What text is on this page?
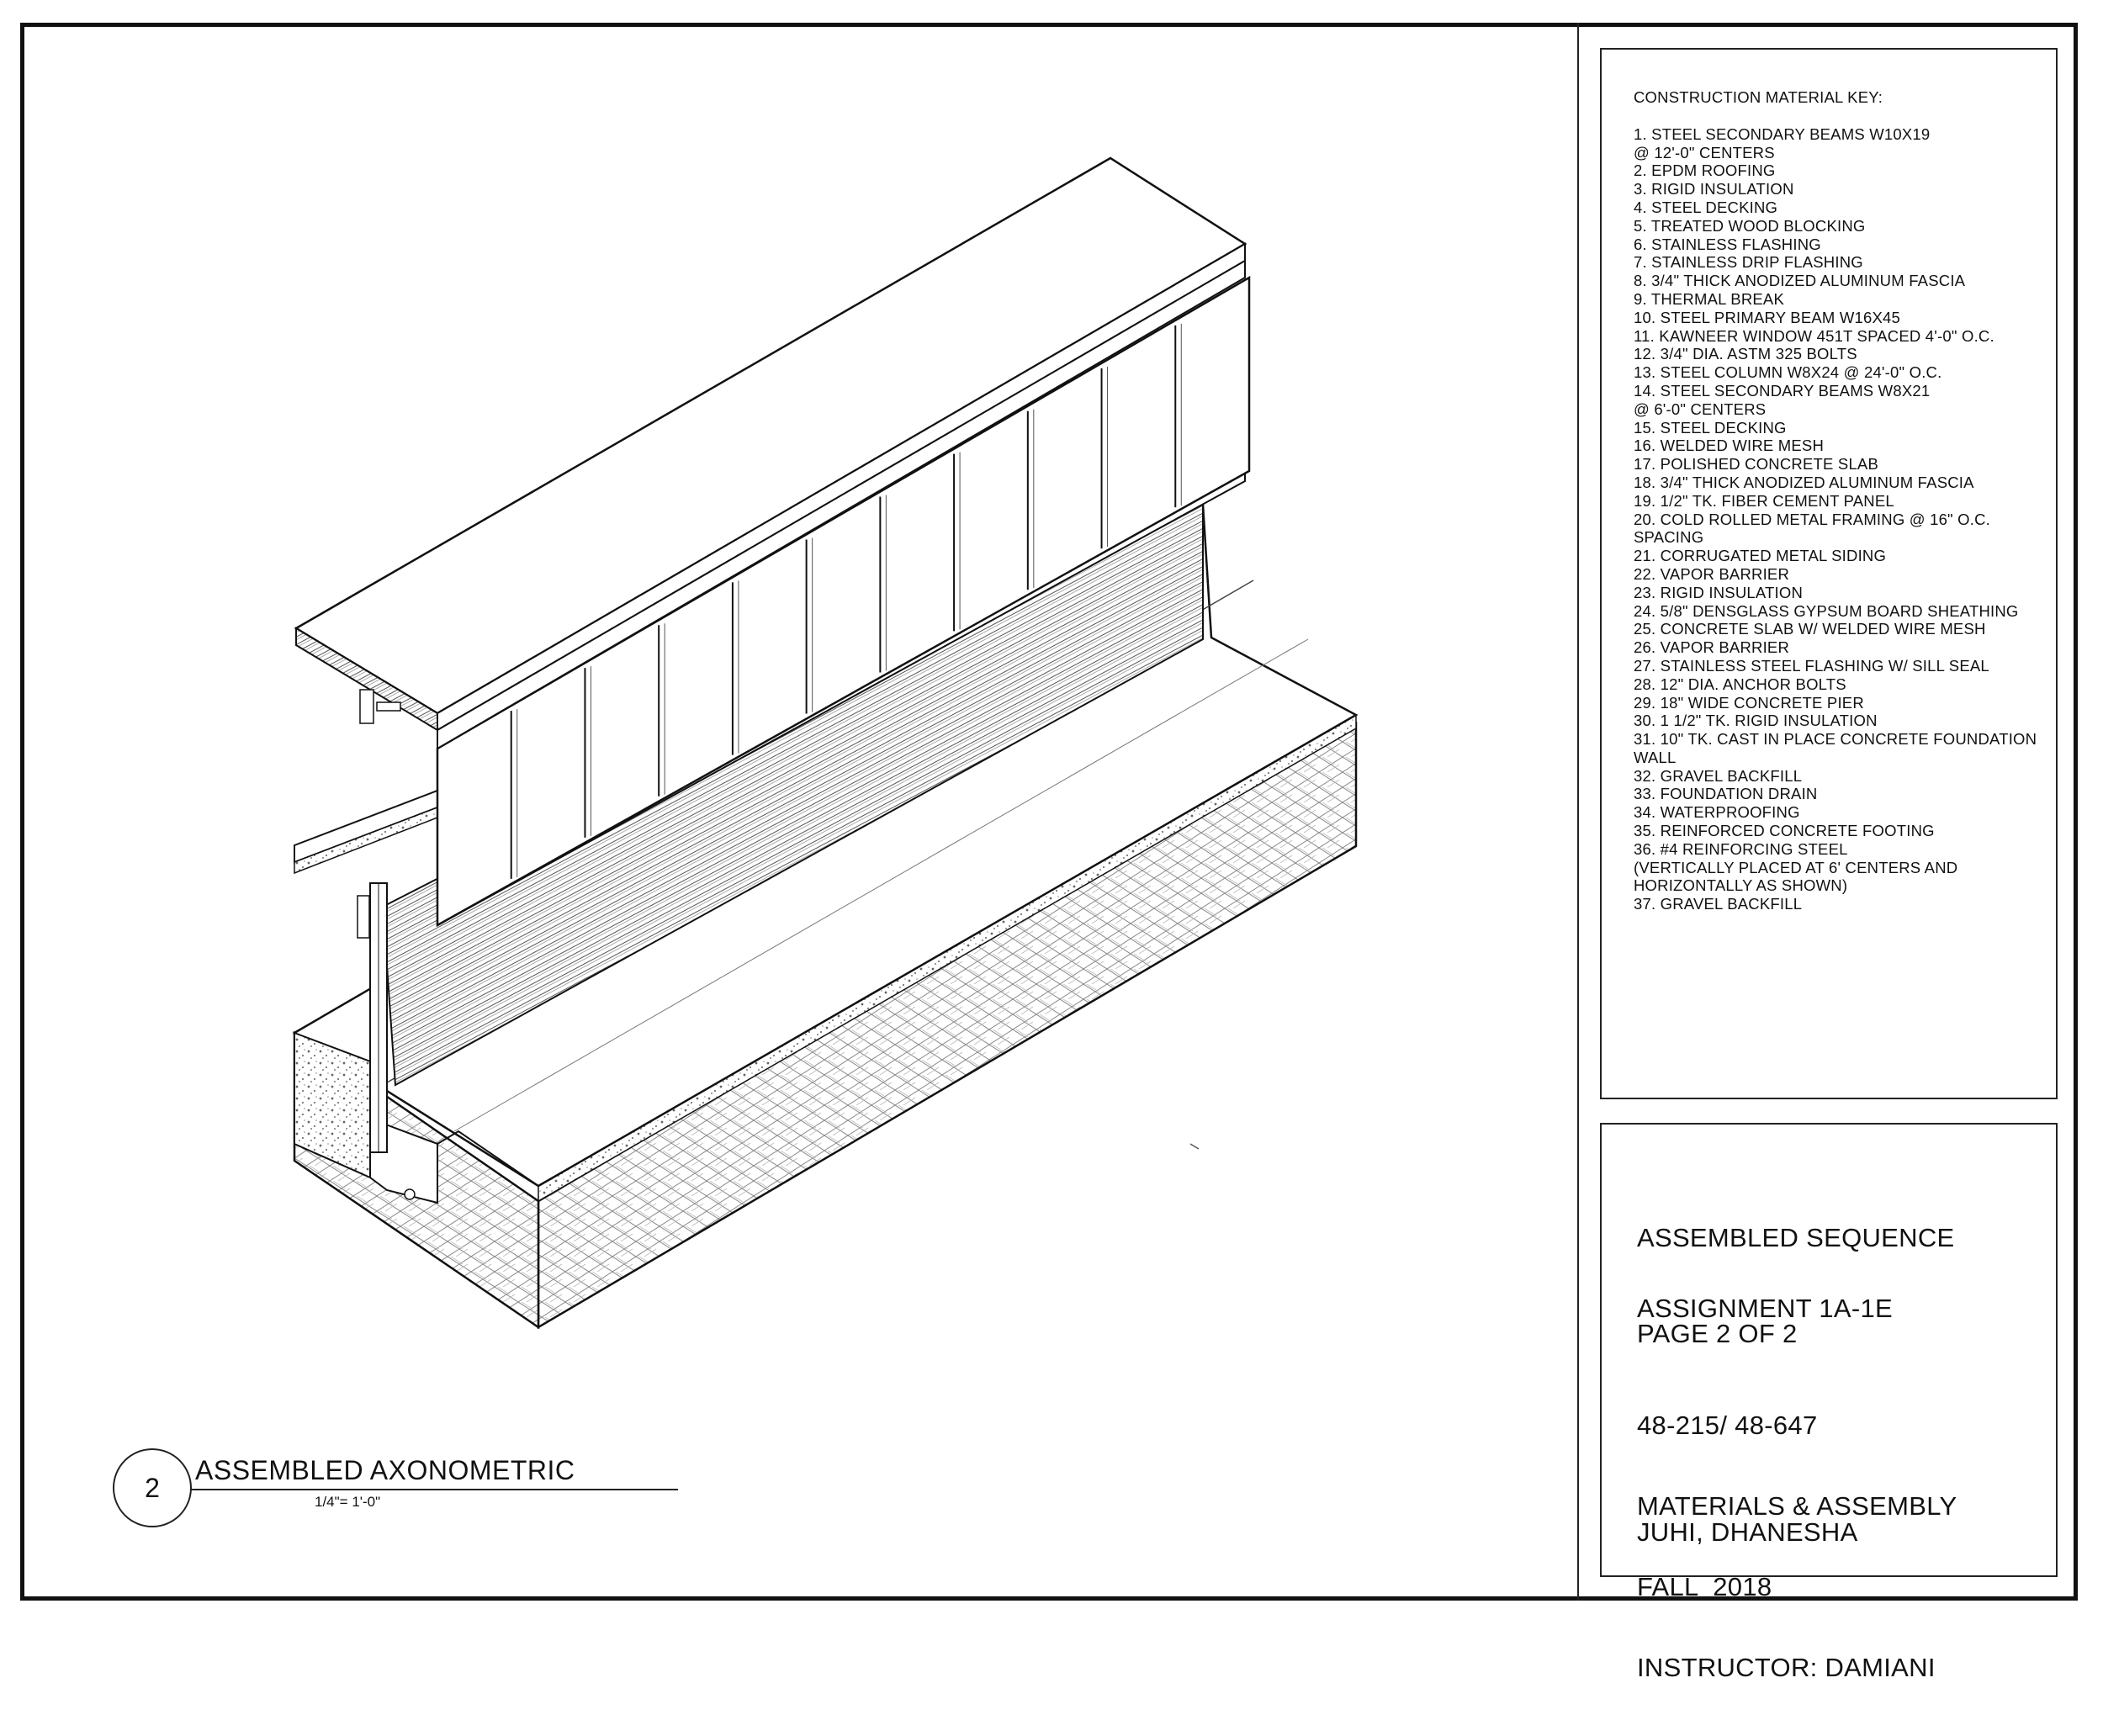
CONSTRUCTION MATERIAL KEY:
1. STEEL SECONDARY BEAMS W10X19
@ 12'-0" CENTERS
2. EPDM ROOFING
3. RIGID INSULATION
4. STEEL DECKING
5. TREATED WOOD BLOCKING
6. STAINLESS FLASHING
7. STAINLESS DRIP FLASHING
8. 3/4" THICK ANODIZED ALUMINUM FASCIA
9. THERMAL BREAK
10. STEEL PRIMARY BEAM W16X45
11. KAWNEER WINDOW 451T SPACED 4'-0" O.C.
12. 3/4" DIA. ASTM 325 BOLTS
13. STEEL COLUMN W8X24 @ 24'-0" O.C.
14. STEEL SECONDARY BEAMS W8X21
@ 6'-0" CENTERS
15. STEEL DECKING
16. WELDED WIRE MESH
17. POLISHED CONCRETE SLAB
18. 3/4" THICK ANODIZED ALUMINUM FASCIA
19. 1/2" TK. FIBER CEMENT PANEL
20. COLD ROLLED METAL FRAMING @ 16" O.C.
SPACING
21. CORRUGATED METAL SIDING
22. VAPOR BARRIER
23. RIGID INSULATION
24. 5/8" DENSGLASS GYPSUM BOARD SHEATHING
25. CONCRETE SLAB W/ WELDED WIRE MESH
26. VAPOR BARRIER
27. STAINLESS STEEL FLASHING W/ SILL SEAL
28. 12" DIA. ANCHOR BOLTS
29. 18" WIDE CONCRETE PIER
30. 1 1/2" TK. RIGID INSULATION
31. 10" TK. CAST IN PLACE CONCRETE FOUNDATION
WALL
32. GRAVEL BACKFILL
33. FOUNDATION DRAIN
34. WATERPROOFING
35. REINFORCED CONCRETE FOOTING
36. #4 REINFORCING STEEL
(VERTICALLY PLACED AT 6' CENTERS AND
HORIZONTALLY AS SHOWN)
37. GRAVEL BACKFILL

ASSEMBLED SEQUENCE

PAGE 2 OF 2

ASSIGNMENT 1A-1E

48-215/ 48-647

MATERIALS & ASSEMBLY

FALL  2018

INSTRUCTOR: DAMIANI

JUHI, DHANESHA
2
ASSEMBLED AXONOMETRIC
1/4"= 1'-0"
